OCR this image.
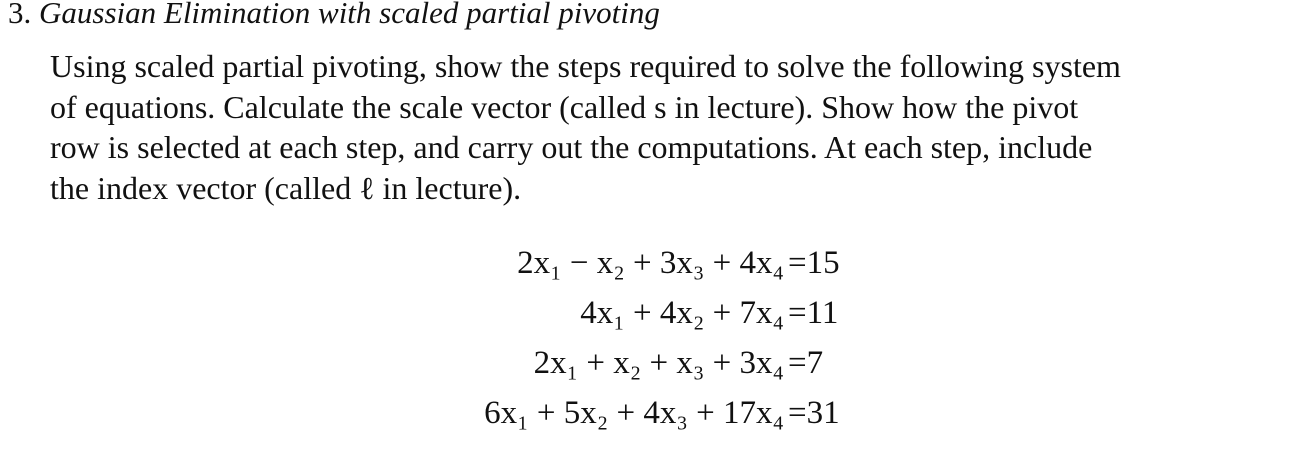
3. Gaussian Elimination with scaled partial pivoting
Using scaled partial pivoting, show the steps required to solve the following system
of equations. Calculate the scale vector (called s in lecture). Show how the pivot
row is selected at each step, and carry out the computations. At each step, include
the index vector (called ℓ in lecture).
2x₁ − x₂ + 3x₃ + 4x₄ =15
4x₁ + 4x₂ + 7x₄ =11
2x₁ + x₂ + x₃ + 3x₄ =7
6x₁ + 5x₂ + 4x₃ + 17x₄ =31
